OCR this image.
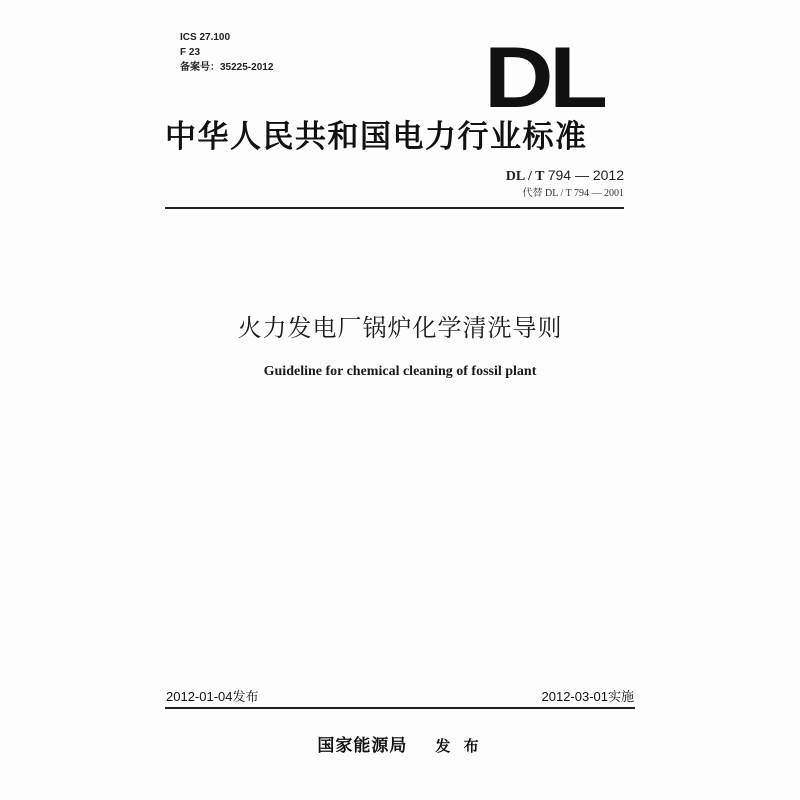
ICS 27.100
F 23
备案号：35225-2012 DL
中华人民共和国电力行业标准
DL / T 794 — 2012
代替 DL / T 794 — 2001
火力发电厂锅炉化学清洗导则
Guideline for chemical cleaning of fossil plant
2012-01-04发布	2012-03-01实施
国家能源局 发 布
